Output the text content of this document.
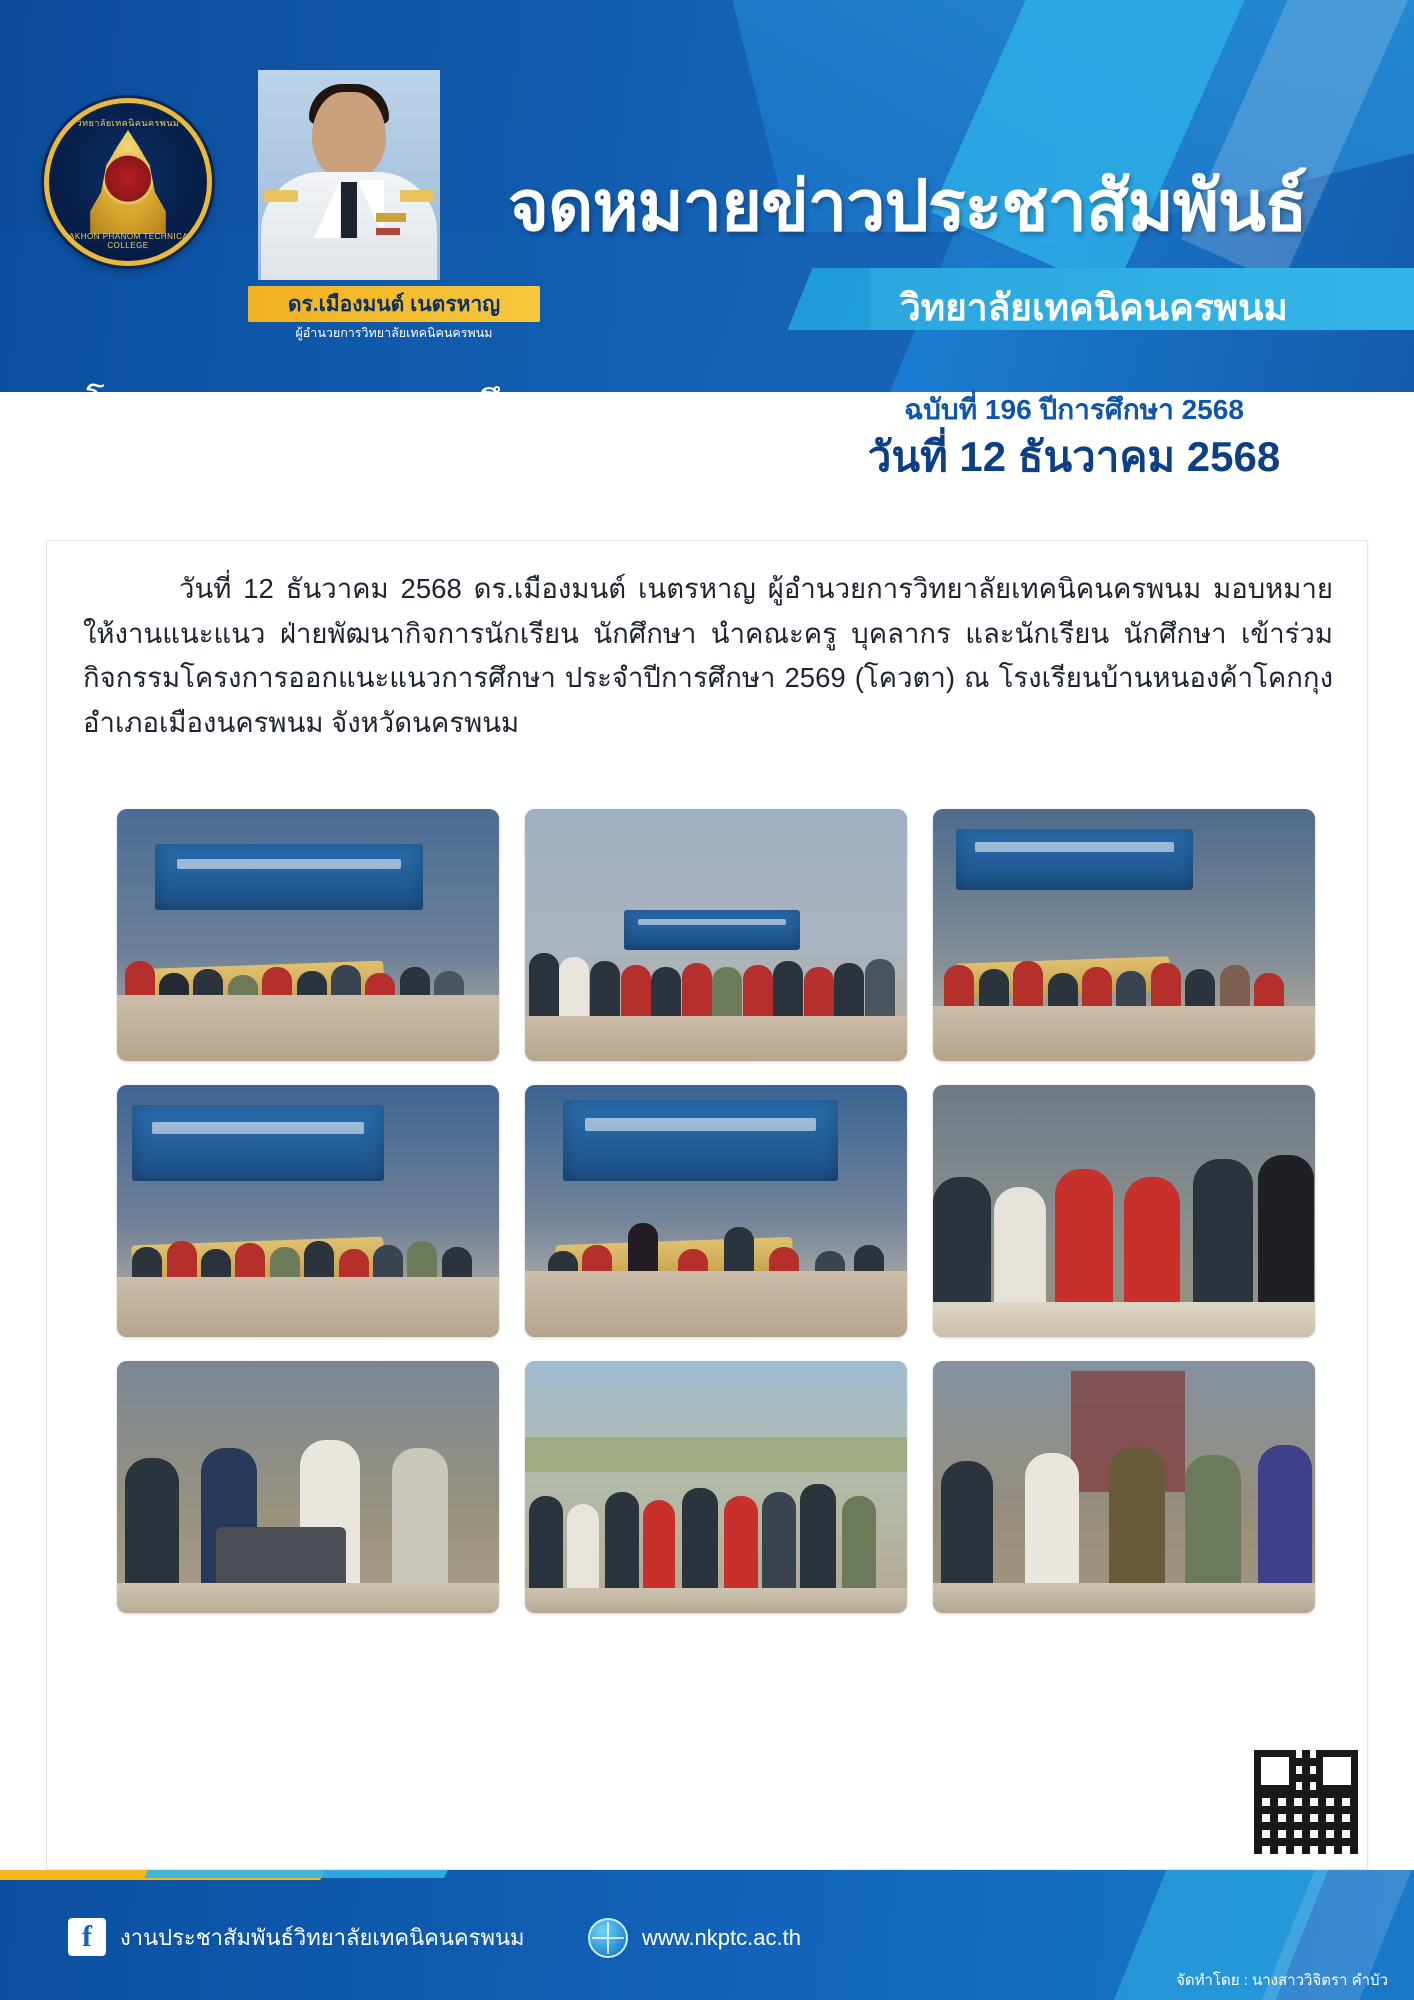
วิทยาลัยเทคนิคนครพนม
NAKHON PHANOM TECHNICAL COLLEGE
ดร.เมืองมนต์ เนตรหาญ
ผู้อำนวยการวิทยาลัยเทคนิคนครพนม
จดหมายข่าวประชาสัมพันธ์
วิทยาลัยเทคนิคนครพนม
โครงการออกแนะแนวการศึกษา
ประจำปีการศึกษา 2569 (โควตา)
ฉบับที่ 196 ปีการศึกษา 2568
วันที่ 12 ธันวาคม 2568
วันที่ 12 ธันวาคม 2568 ดร.เมืองมนต์ เนตรหาญ ผู้อำนวยการวิทยาลัยเทคนิคนครพนม มอบหมายให้งานแนะแนว ฝ่ายพัฒนากิจการนักเรียน นักศึกษา นำคณะครู บุคลากร และนักเรียน นักศึกษา เข้าร่วมกิจกรรมโครงการออกแนะแนวการศึกษา ประจำปีการศึกษา 2569 (โควตา) ณ โรงเรียนบ้านหนองค้าโคกกุง อำเภอเมืองนครพนม จังหวัดนครพนม
f	งานประชาสัมพันธ์วิทยาลัยเทคนิคนครพนม	www.nkptc.ac.th
จัดทำโดย : นางสาววิจิตรา คำบัว
